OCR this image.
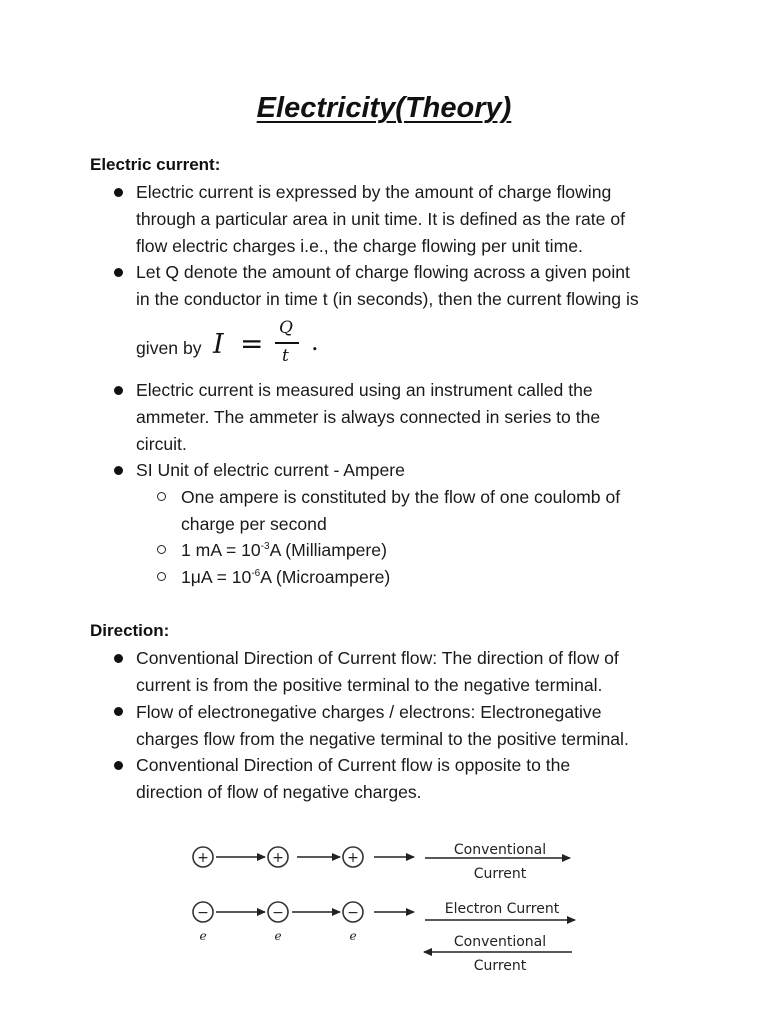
Electricity(Theory)
Electric current:
Electric current is expressed by the amount of charge flowing
through a particular area in unit time. It is defined as the rate of
flow electric charges i.e., the charge flowing per unit time.
Let Q denote the amount of charge flowing across a given point
in the conductor in time t (in seconds), then the current flowing is
given by I = Q
t .
Electric current is measured using an instrument called the
ammeter. The ammeter is always connected in series to the
circuit.
SI Unit of electric current - Ampere
One ampere is constituted by the flow of one coulomb of
charge per second
1 mA = $10^{-3}A$ (Milliampere)
$1\mu A = 10^{-6}A$ (Microampere)
Direction:
Conventional Direction of Current flow: The direction of flow of
current is from the positive terminal to the negative terminal.
Flow of electronegative charges / electrons: Electronegative
charges flow from the negative terminal to the positive terminal.
Conventional Direction of Current flow is opposite to the
direction of flow of negative charges.
+	+	+	Conventional
Current
−	−	−
e	e	e
Electron Current
Conventional
Current
